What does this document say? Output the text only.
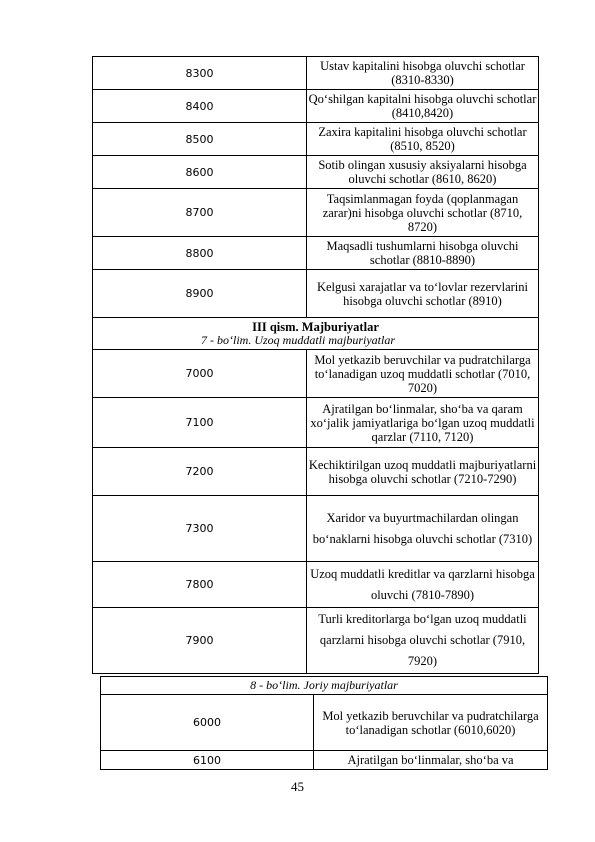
8300	Ustav kapitalini hisobga oluvchi schotlar (8310-8330)
8400	Qo‘shilgan kapitalni hisobga oluvchi schotlar (8410,8420)
8500	Zaxira kapitalini hisobga oluvchi schotlar (8510, 8520)
8600	Sotib olingan xususiy aksiyalarni hisobga oluvchi schotlar (8610, 8620)
8700	Taqsimlanmagan foyda (qoplanmagan zarar)ni hisobga oluvchi schotlar (8710, 8720)
8800	Maqsadli tushumlarni hisobga oluvchi schotlar (8810-8890)
8900	Kelgusi xarajatlar va to‘lovlar rezervlarini hisobga oluvchi schotlar (8910)

III qism. Majburiyatlar
7 - bo‘lim. Uzoq muddatli majburiyatlar	

7000	Mol yetkazib beruvchilar va pudratchilarga to‘lanadigan uzoq muddatli schotlar (7010, 7020)
7100	Ajratilgan bo‘linmalar, sho‘ba va qaram xo‘jalik jamiyatlariga bo‘lgan uzoq muddatli qarzlar (7110, 7120)
7200	Kechiktirilgan uzoq muddatli majburiyatlarni hisobga oluvchi schotlar (7210-7290)
7300	Xaridor va buyurtmachilardan olingan bo‘naklarni hisobga oluvchi schotlar (7310)
7800	Uzoq muddatli kreditlar va qarzlarni hisobga oluvchi (7810-7890)
7900	Turli kreditorlarga bo‘lgan uzoq muddatli qarzlarni hisobga oluvchi schotlar (7910, 7920)
8 - bo‘lim. Joriy majburiyatlar	

6000	Mol yetkazib beruvchilar va pudratchilarga to‘lanadigan schotlar (6010,6020)
6100	Ajratilgan bo‘linmalar, sho‘ba va
45
